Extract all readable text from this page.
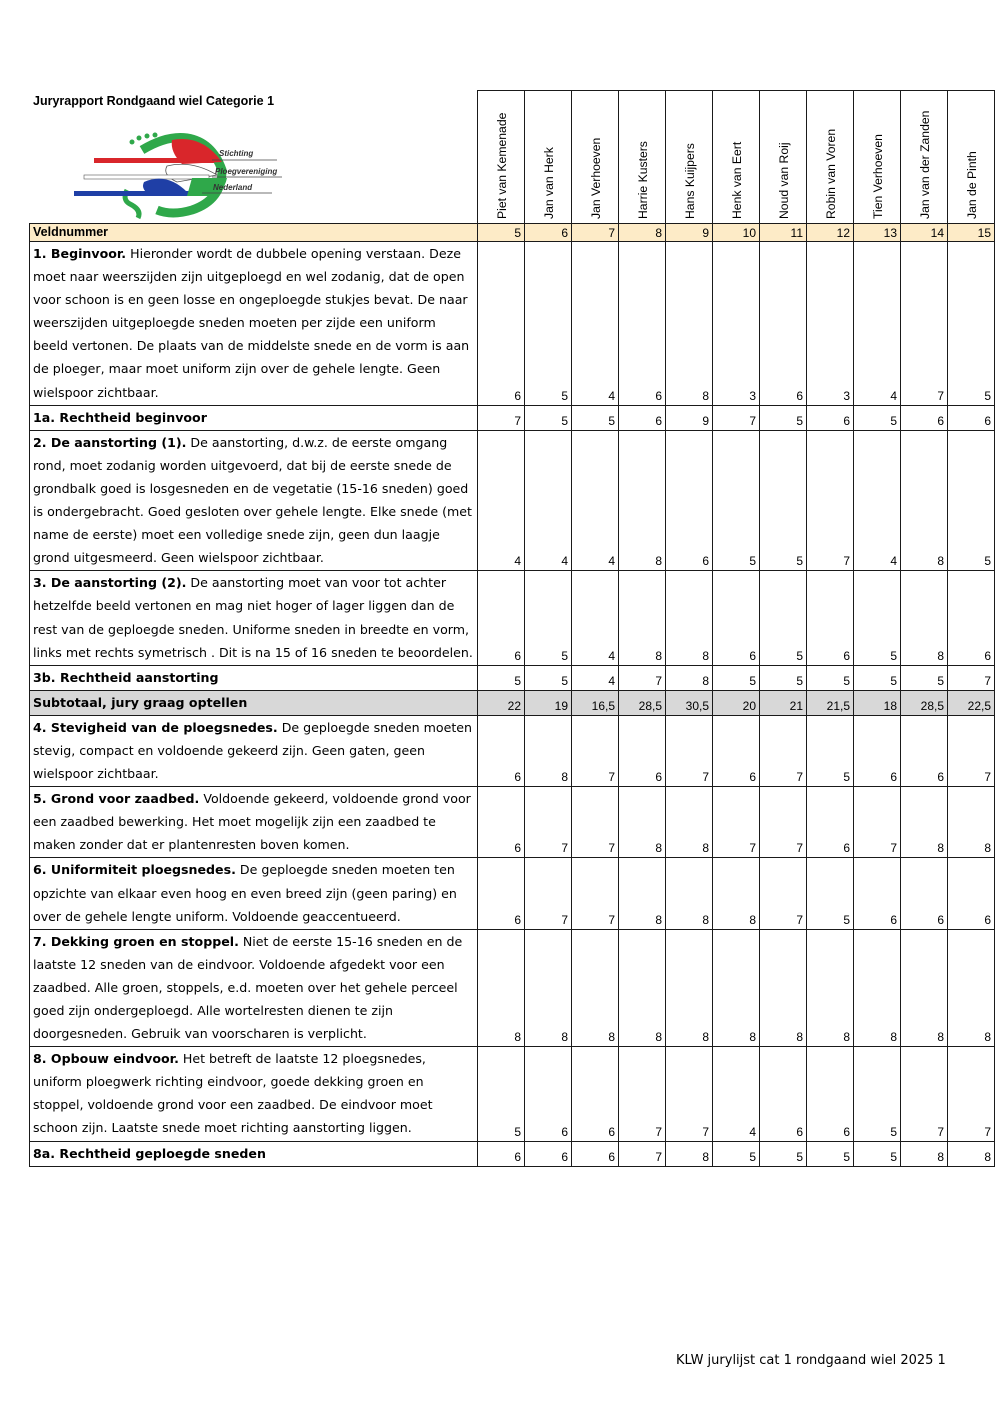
Juryrapport Rondgaand wiel Categorie 1
Stichting
Ploegvereniging
Nederland

	Piet van Kemenade	Jan van Herk	Jan Verhoeven	Harrie Kusters	Hans Kuijpers	Henk van Eert	Noud van Roij	Robin van Voren	Tien Verhoeven	Jan van der Zanden	Jan de Pinth

Veldnummer	5	6	7	8	9	10	11	12	13	14	15
1. Beginvoor. Hieronder wordt de dubbele opening verstaan. Deze moet naar weerszijden zijn uitgeploegd en wel zodanig, dat de open voor schoon is en geen losse en ongeploegde stukjes bevat. De naar weerszijden uitgeploegde sneden moeten per zijde een uniform beeld vertonen. De plaats van de middelste snede en de vorm is aan de ploeger, maar moet uniform zijn over de gehele lengte. Geen wielspoor zichtbaar.	6	5	4	6	8	3	6	3	4	7	5
1a. Rechtheid beginvoor	7	5	5	6	9	7	5	6	5	6	6
2. De aanstorting (1). De aanstorting, d.w.z. de eerste omgang rond, moet zodanig worden uitgevoerd, dat bij de eerste snede de grondbalk goed is losgesneden en de vegetatie (15-16 sneden) goed is ondergebracht. Goed gesloten over gehele lengte. Elke snede (met name de eerste) moet een volledige snede zijn, geen dun laagje grond uitgesmeerd. Geen wielspoor zichtbaar.	4	4	4	8	6	5	5	7	4	8	5
3. De aanstorting (2). De aanstorting moet van voor tot achter hetzelfde beeld vertonen en mag niet hoger of lager liggen dan de rest van de geploegde sneden. Uniforme sneden in breedte en vorm, links met rechts symetrisch . Dit is na 15 of 16 sneden te beoordelen.	6	5	4	8	8	6	5	6	5	8	6
3b. Rechtheid aanstorting	5	5	4	7	8	5	5	5	5	5	7
Subtotaal, jury graag optellen	22	19	16,5	28,5	30,5	20	21	21,5	18	28,5	22,5
4. Stevigheid van de ploegsnedes. De geploegde sneden moeten stevig, compact en voldoende gekeerd zijn. Geen gaten, geen wielspoor zichtbaar.	6	8	7	6	7	6	7	5	6	6	7
5. Grond voor zaadbed. Voldoende gekeerd, voldoende grond voor een zaadbed bewerking. Het moet mogelijk zijn een zaadbed te maken zonder dat er plantenresten boven komen.	6	7	7	8	8	7	7	6	7	8	8
6. Uniformiteit ploegsnedes. De geploegde sneden moeten ten opzichte van elkaar even hoog en even breed zijn (geen paring) en over de gehele lengte uniform. Voldoende geaccentueerd.	6	7	7	8	8	8	7	5	6	6	6
7. Dekking groen en stoppel. Niet de eerste 15-16 sneden en de laatste 12 sneden van de eindvoor. Voldoende afgedekt voor een zaadbed. Alle groen, stoppels, e.d. moeten over het gehele perceel goed zijn ondergeploegd. Alle wortelresten dienen te zijn doorgesneden. Gebruik van voorscharen is verplicht.	8	8	8	8	8	8	8	8	8	8	8
8. Opbouw eindvoor. Het betreft de laatste 12 ploegsnedes, uniform ploegwerk richting eindvoor, goede dekking groen en stoppel, voldoende grond voor een zaadbed. De eindvoor moet schoon zijn. Laatste snede moet richting aanstorting liggen.	5	6	6	7	7	4	6	6	5	7	7
8a. Rechtheid geploegde sneden	6	6	6	7	8	5	5	5	5	8	8
KLW jurylijst cat 1 rondgaand wiel 2025 1
